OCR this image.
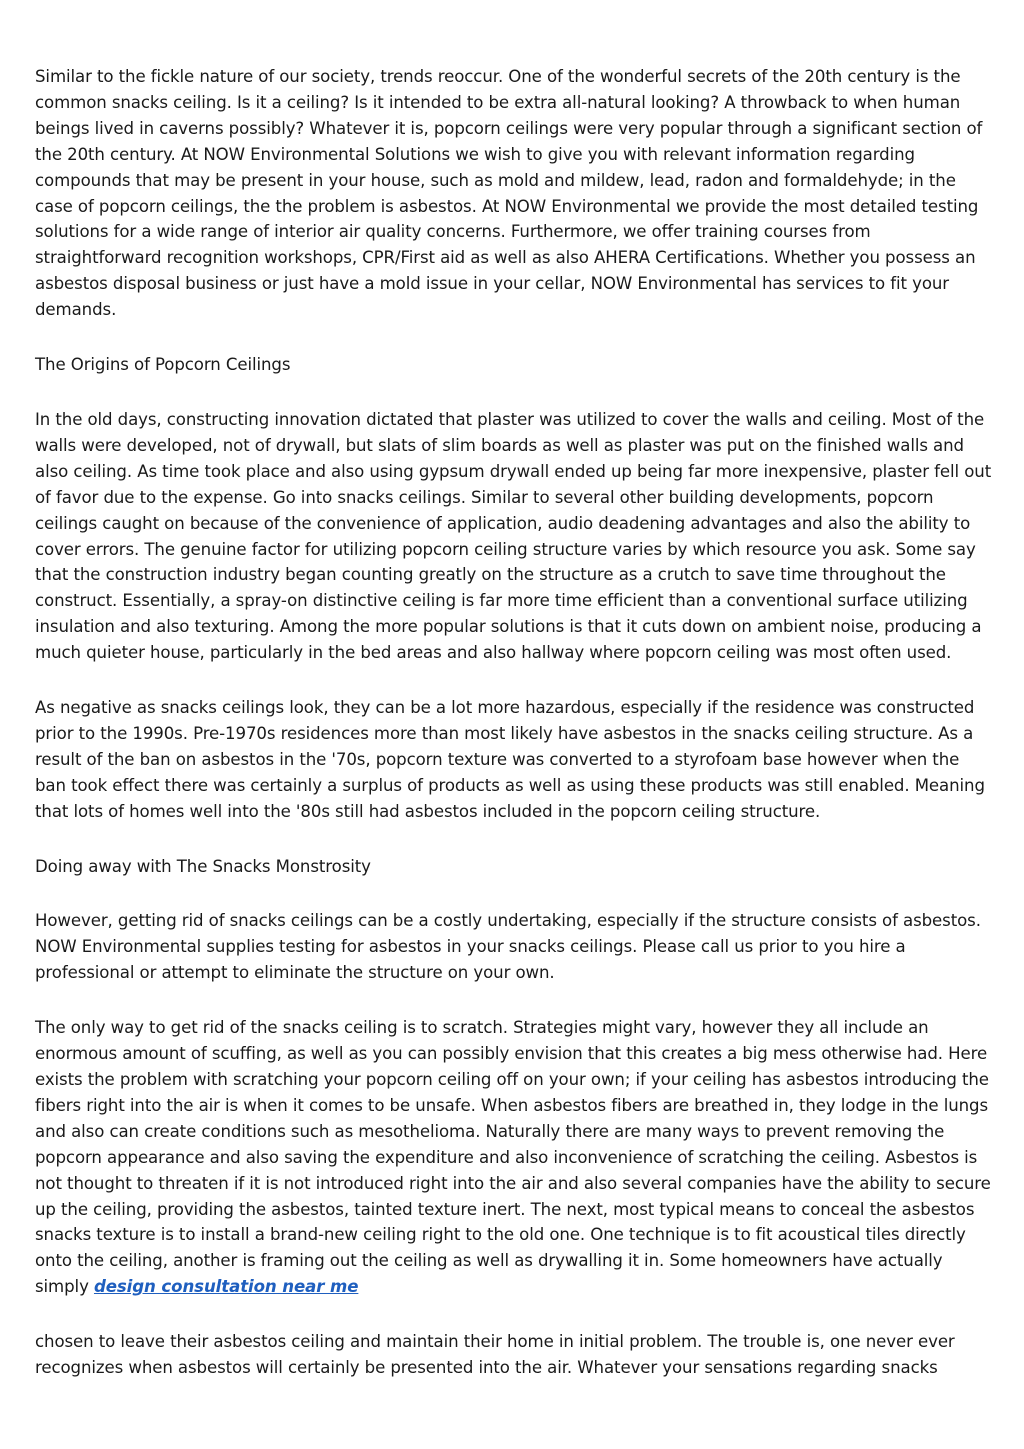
Similar to the fickle nature of our society, trends reoccur. One of the wonderful secrets of the 20th century is the common snacks ceiling. Is it a ceiling? Is it intended to be extra all-natural looking? A throwback to when human beings lived in caverns possibly? Whatever it is, popcorn ceilings were very popular through a significant section of the 20th century. At NOW Environmental Solutions we wish to give you with relevant information regarding compounds that may be present in your house, such as mold and mildew, lead, radon and formaldehyde; in the case of popcorn ceilings, the the problem is asbestos. At NOW Environmental we provide the most detailed testing solutions for a wide range of interior air quality concerns. Furthermore, we offer training courses from straightforward recognition workshops, CPR/First aid as well as also AHERA Certifications. Whether you possess an asbestos disposal business or just have a mold issue in your cellar, NOW Environmental has services to fit your demands.

The Origins of Popcorn Ceilings

In the old days, constructing innovation dictated that plaster was utilized to cover the walls and ceiling. Most of the walls were developed, not of drywall, but slats of slim boards as well as plaster was put on the finished walls and also ceiling. As time took place and also using gypsum drywall ended up being far more inexpensive, plaster fell out of favor due to the expense. Go into snacks ceilings. Similar to several other building developments, popcorn ceilings caught on because of the convenience of application, audio deadening advantages and also the ability to cover errors. The genuine factor for utilizing popcorn ceiling structure varies by which resource you ask. Some say that the construction industry began counting greatly on the structure as a crutch to save time throughout the construct. Essentially, a spray-on distinctive ceiling is far more time efficient than a conventional surface utilizing insulation and also texturing. Among the more popular solutions is that it cuts down on ambient noise, producing a much quieter house, particularly in the bed areas and also hallway where popcorn ceiling was most often used.

As negative as snacks ceilings look, they can be a lot more hazardous, especially if the residence was constructed prior to the 1990s. Pre-1970s residences more than most likely have asbestos in the snacks ceiling structure. As a result of the ban on asbestos in the '70s, popcorn texture was converted to a styrofoam base however when the ban took effect there was certainly a surplus of products as well as using these products was still enabled. Meaning that lots of homes well into the '80s still had asbestos included in the popcorn ceiling structure.

Doing away with The Snacks Monstrosity

However, getting rid of snacks ceilings can be a costly undertaking, especially if the structure consists of asbestos. NOW Environmental supplies testing for asbestos in your snacks ceilings. Please call us prior to you hire a professional or attempt to eliminate the structure on your own.

The only way to get rid of the snacks ceiling is to scratch. Strategies might vary, however they all include an enormous amount of scuffing, as well as you can possibly envision that this creates a big mess otherwise had. Here exists the problem with scratching your popcorn ceiling off on your own; if your ceiling has asbestos introducing the fibers right into the air is when it comes to be unsafe. When asbestos fibers are breathed in, they lodge in the lungs and also can create conditions such as mesothelioma. Naturally there are many ways to prevent removing the popcorn appearance and also saving the expenditure and also inconvenience of scratching the ceiling. Asbestos is not thought to threaten if it is not introduced right into the air and also several companies have the ability to secure up the ceiling, providing the asbestos, tainted texture inert. The next, most typical means to conceal the asbestos snacks texture is to install a brand-new ceiling right to the old one. One technique is to fit acoustical tiles directly onto the ceiling, another is framing out the ceiling as well as drywalling it in. Some homeowners have actually simply design consultation near me

chosen to leave their asbestos ceiling and maintain their home in initial problem. The trouble is, one never ever recognizes when asbestos will certainly be presented into the air. Whatever your sensations regarding snacks
